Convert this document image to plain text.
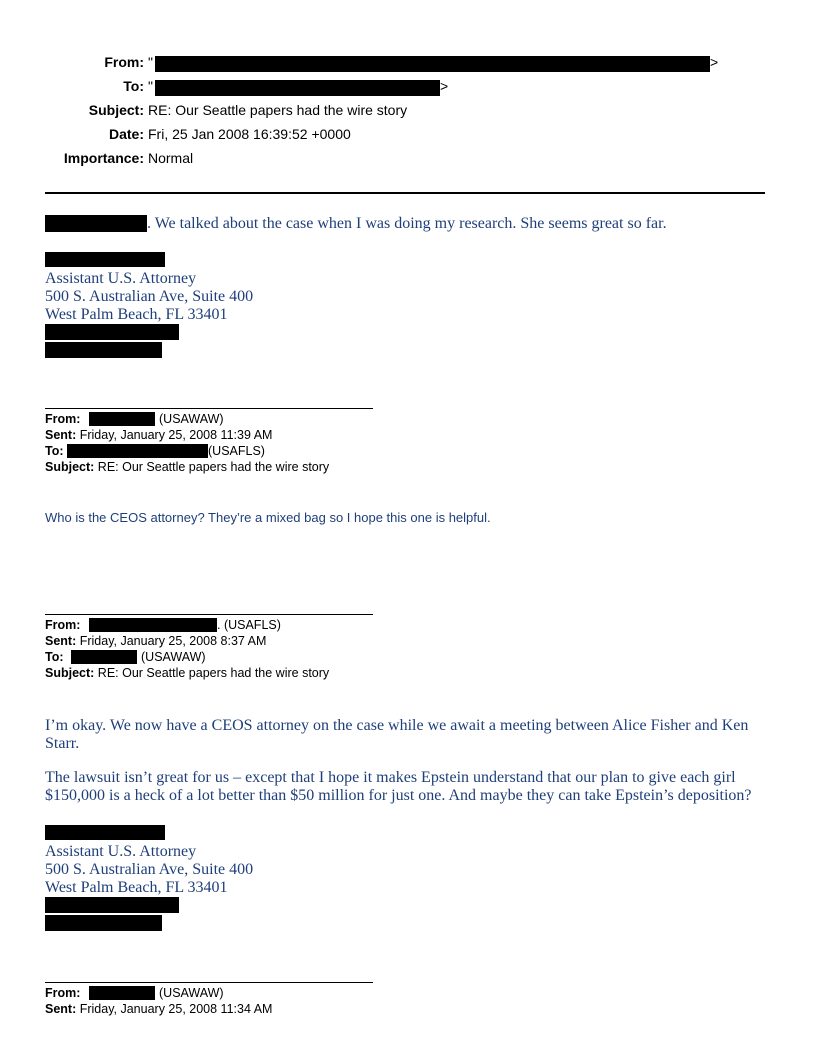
From: "	>
To: "	>
Subject: RE: Our Seattle papers had the wire story
Date: Fri, 25 Jan 2008 16:39:52 +0000
Importance: Normal
. We talked about the case when I was doing my research. She seems great so far.
Assistant U.S. Attorney
500 S. Australian Ave, Suite 400
West Palm Beach, FL 33401
From:	(USAWAW)
Sent: Friday, January 25, 2008 11:39 AM
To:	(USAFLS)
Subject: RE: Our Seattle papers had the wire story
Who is the CEOS attorney? They’re a mixed bag so I hope this one is helpful.
From:	. (USAFLS)
Sent: Friday, January 25, 2008 8:37 AM
To:	(USAWAW)
Subject: RE: Our Seattle papers had the wire story
I’m okay. We now have a CEOS attorney on the case while we await a meeting between Alice Fisher and Ken
Starr.
The lawsuit isn’t great for us – except that I hope it makes Epstein understand that our plan to give each girl
$150,000 is a heck of a lot better than $50 million for just one. And maybe they can take Epstein’s deposition?
Assistant U.S. Attorney
500 S. Australian Ave, Suite 400
West Palm Beach, FL 33401
From:	(USAWAW)
Sent: Friday, January 25, 2008 11:34 AM
